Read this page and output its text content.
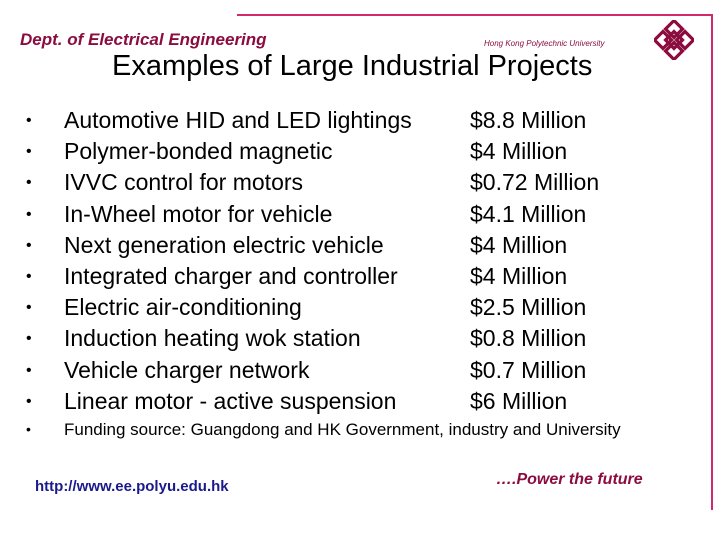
Dept. of Electrical Engineering	Hong Kong Polytechnic University
Examples of Large Industrial Projects
• Automotive HID and LED lightings	$8.8 Million
• Polymer-bonded magnetic	$4 Million
• IVVC control for motors	$0.72 Million
• In-Wheel motor for vehicle	$4.1 Million
• Next generation electric vehicle	$4 Million
• Integrated charger and controller	$4 Million
• Electric air-conditioning	$2.5 Million
• Induction heating wok station	$0.8 Million
• Vehicle charger network	$0.7 Million
• Linear motor - active suspension	$6 Million
• Funding source: Guangdong and HK Government, industry and University
http://www.ee.polyu.edu.hk	….Power the future
